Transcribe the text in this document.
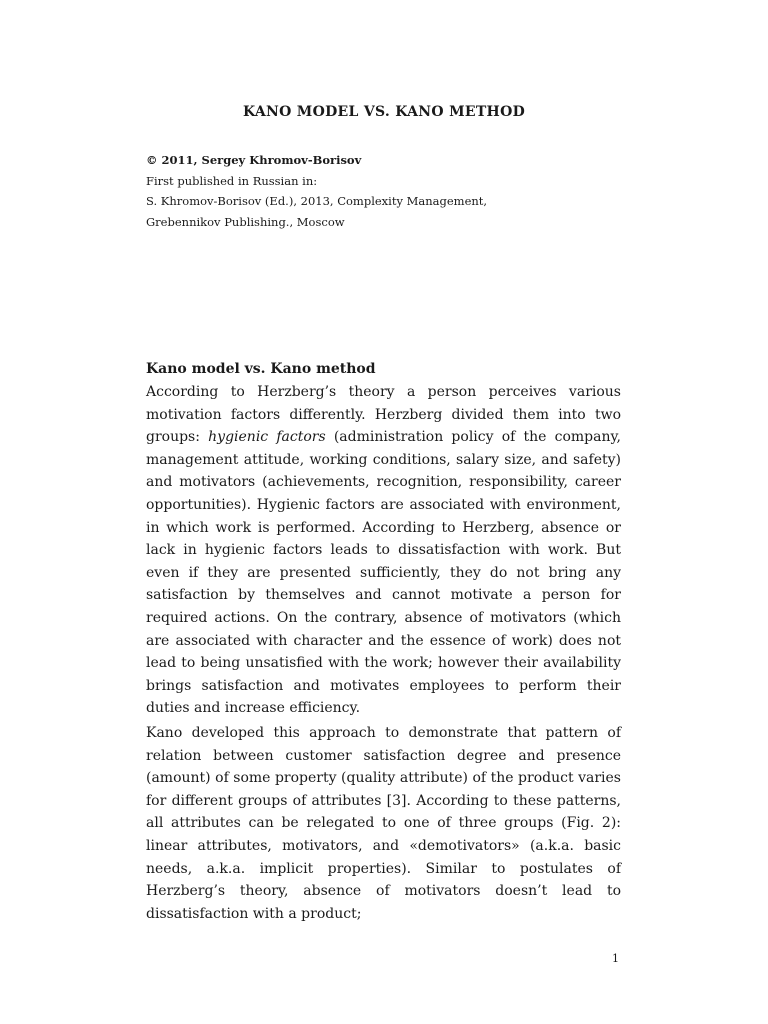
KANO MODEL VS. KANO METHOD
© 2011, Sergey Khromov-Borisov
First published in Russian in:
S. Khromov-Borisov (Ed.), 2013, Complexity Management,
Grebennikov Publishing., Moscow
Kano model vs. Kano method

According to Herzberg’s theory a person perceives various motivation factors differently. Herzberg divided them into two groups: hygienic factors (administration policy of the company, management attitude, working conditions, salary size, and safety) and motivators (achievements, recognition, responsibility, career opportunities). Hygienic factors are associated with environment, in which work is performed. According to Herzberg, absence or lack in hygienic factors leads to dissatisfaction with work. But even if they are presented sufficiently, they do not bring any satisfaction by themselves and cannot motivate a person for required actions. On the contrary, absence of motivators (which are associated with character and the essence of work) does not lead to being unsatisfied with the work; however their availability brings satisfaction and motivates employees to perform their duties and increase efficiency.

Kano developed this approach to demonstrate that pattern of relation between customer satisfaction degree and presence (amount) of some property (quality attribute) of the product varies for different groups of attributes [3]. According to these patterns, all attributes can be relegated to one of three groups (Fig. 2): linear attributes, motivators, and «demotivators» (a.k.a. basic needs, a.k.a. implicit properties). Similar to postulates of Herzberg’s theory, absence of motivators doesn’t lead to dissatisfaction with a product;

1
